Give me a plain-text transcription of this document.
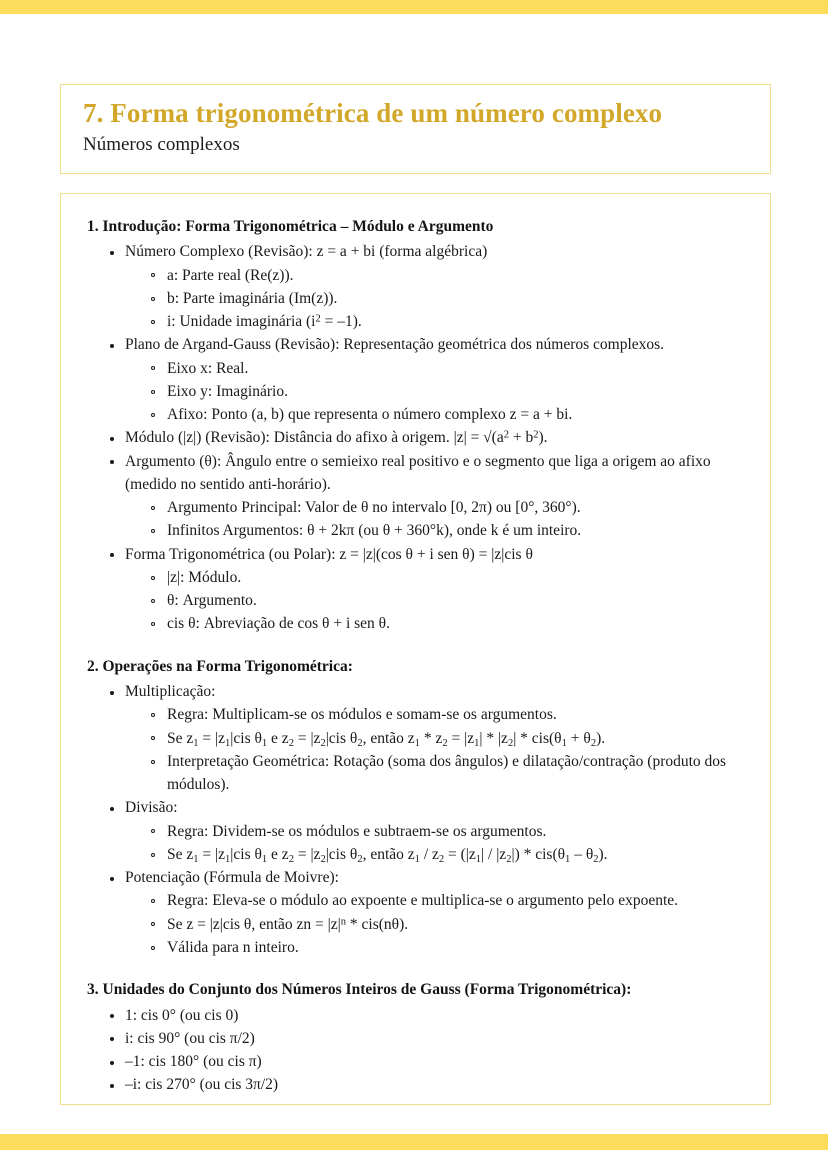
7. Forma trigonométrica de um número complexo
Números complexos
1. Introdução: Forma Trigonométrica – Módulo e Argumento
Número Complexo (Revisão): z = a + bi (forma algébrica)
a: Parte real (Re(z)).
b: Parte imaginária (Im(z)).
i: Unidade imaginária $(i^2 = -1)$.
Plano de Argand-Gauss (Revisão): Representação geométrica dos números complexos.
Eixo x: Real.
Eixo y: Imaginário.
Afixo: Ponto (a, b) que representa o número complexo z = a + bi.
Módulo (|z|) (Revisão): Distância do afixo à origem. $|z| = √(a^2 + b^2)$.
Argumento (θ): Ângulo entre o semieixo real positivo e o segmento que liga a origem ao afixo (medido no sentido anti-horário).
Argumento Principal: Valor de θ no intervalo [0, 2π) ou [0°, 360°).
Infinitos Argumentos: θ + 2kπ (ou θ + 360°k), onde k é um inteiro.
Forma Trigonométrica (ou Polar): z = |z|(cos θ + i sen θ) = |z|cis θ
|z|: Módulo.
θ: Argumento.
cis θ: Abreviação de cos θ + i sen θ.
2. Operações na Forma Trigonométrica:
Multiplicação:
Regra: Multiplicam-se os módulos e somam-se os argumentos.
Se $z_1 = |z_1|cis$ $\theta_1$ e $z_2 = |z_2|cis$ $\theta_2$, então $z_1 * z_2 = |z_1| * |z_2| * cis(\theta_1 + \theta_2)$.
Interpretação Geométrica: Rotação (soma dos ângulos) e dilatação/contração (produto dos módulos).
Divisão:
Regra: Dividem-se os módulos e subtraem-se os argumentos.
Se $z_1 = |z_1|cis$ $\theta_1$ e $z_2 = |z_2|cis$ $\theta_2$, então $z_1 / z_2 = (|z_1| / |z_2|) * cis(\theta_1 - \theta_2)$.
Potenciação (Fórmula de Moivre):
Regra: Eleva-se o módulo ao expoente e multiplica-se o argumento pelo expoente.
Se z = |z|cis θ, então zn = $|z|^n * cis(n\theta)$.
Válida para n inteiro.
3. Unidades do Conjunto dos Números Inteiros de Gauss (Forma Trigonométrica):
1: cis 0° (ou cis 0)
i: cis 90° (ou cis π/2)
–1: cis 180° (ou cis π)
–i: cis 270° (ou cis 3π/2)
